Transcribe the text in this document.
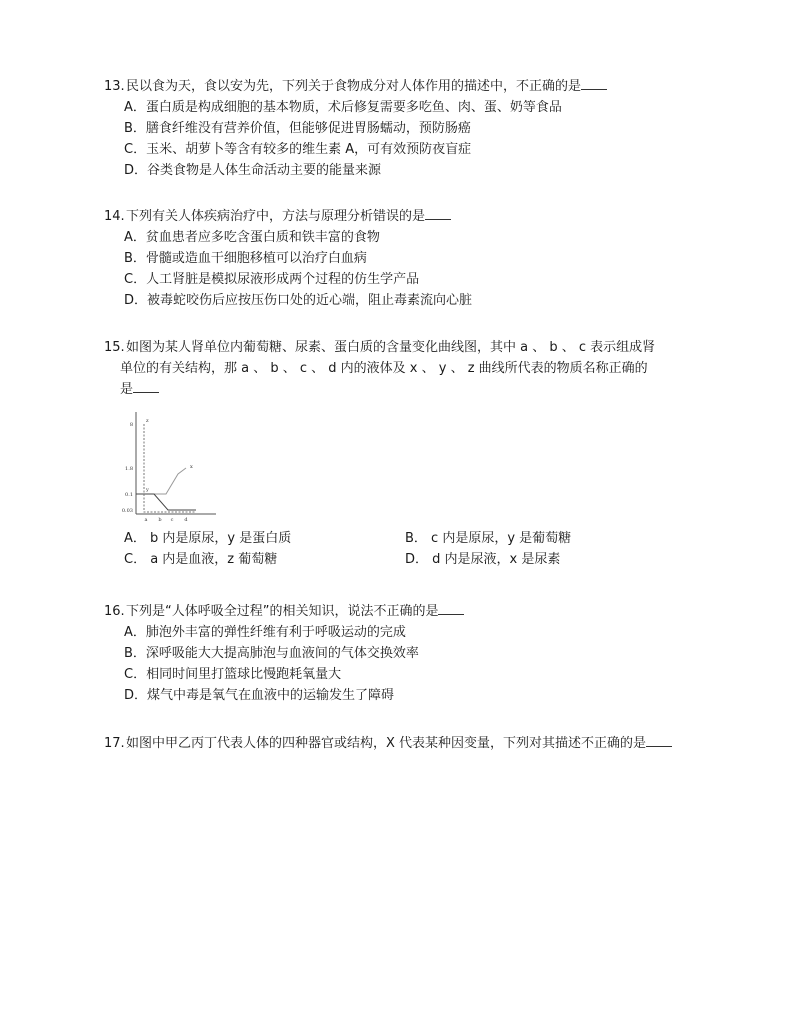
13.民以食为天，食以安为先，下列关于食物成分对人体作用的描述中，不正确的是

A．蛋白质是构成细胞的基本物质，术后修复需要多吃鱼、肉、蛋、奶等食品

B．膳食纤维没有营养价值，但能够促进胃肠蠕动，预防肠癌

C．玉米、胡萝卜等含有较多的维生素 A，可有效预防夜盲症

D．谷类食物是人体生命活动主要的能量来源

14.下列有关人体疾病治疗中，方法与原理分析错误的是

A．贫血患者应多吃含蛋白质和铁丰富的食物

B．骨髓或造血干细胞移植可以治疗白血病

C．人工肾脏是模拟尿液形成两个过程的仿生学产品

D．被毒蛇咬伤后应按压伤口处的近心端，阻止毒素流向心脏

15.如图为某人肾单位内葡萄糖、尿素、蛋白质的含量变化曲线图，其中 a 、 b 、 c 表示组成肾

单位的有关结构，那 a 、 b 、 c 、 d 内的液体及 x 、 y 、 z 曲线所代表的物质名称正确的

是

8
1.8
0.1
0.03
a b c d
x
y
z

A． b 内是原尿，y 是蛋白质	B． c 内是原尿，y 是葡萄糖

C． a 内是血液，z 葡萄糖	D． d 内是尿液，x 是尿素

16.下列是“人体呼吸全过程”的相关知识，说法不正确的是

A．肺泡外丰富的弹性纤维有利于呼吸运动的完成

B．深呼吸能大大提高肺泡与血液间的气体交换效率

C．相同时间里打篮球比慢跑耗氧量大

D．煤气中毒是氧气在血液中的运输发生了障碍

17.如图中甲乙丙丁代表人体的四种器官或结构，X 代表某种因变量，下列对其描述不正确的是
